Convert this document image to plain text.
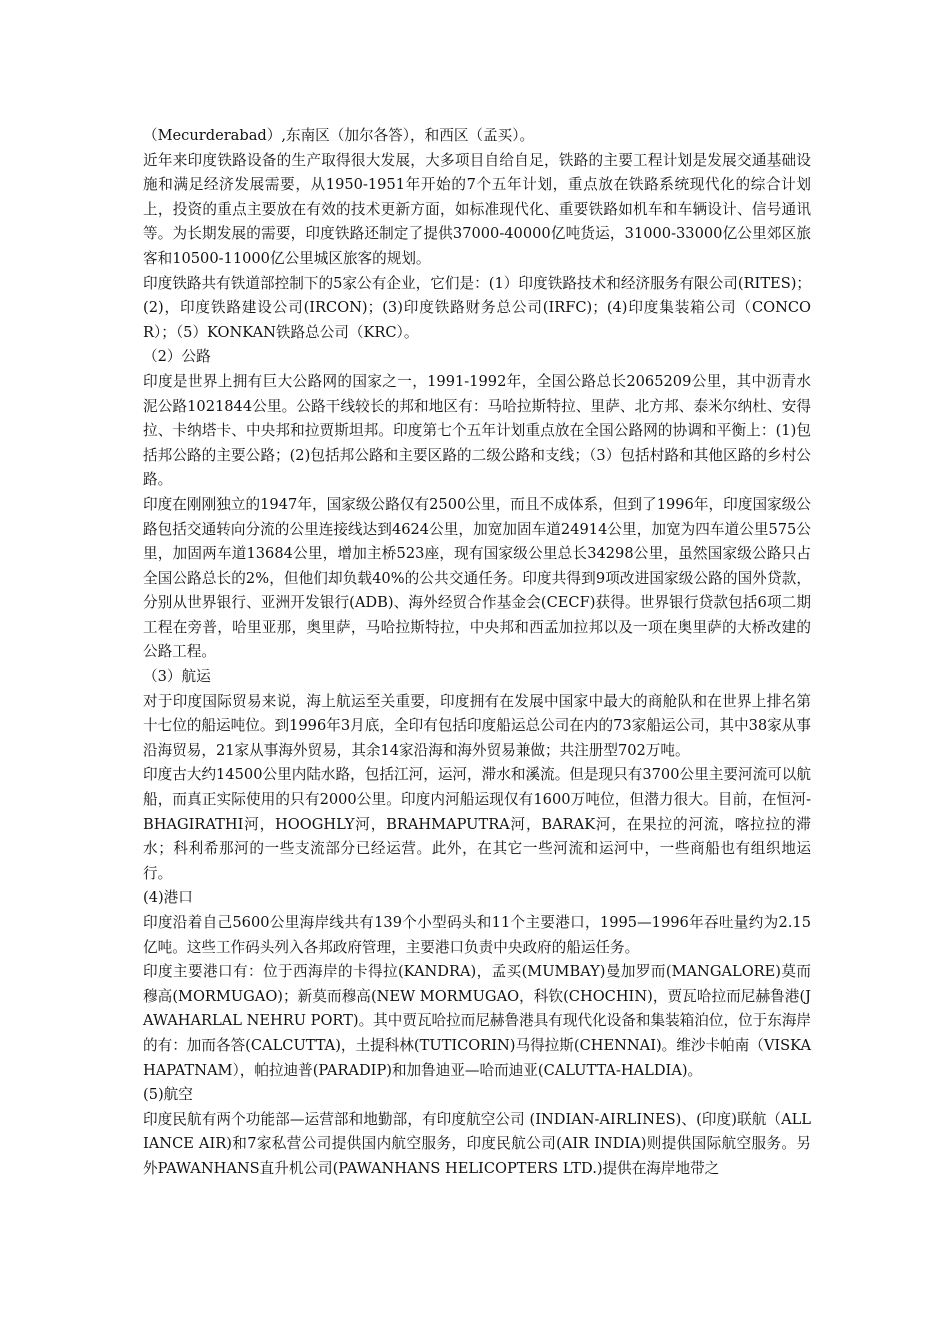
（Mecurderabad）,东南区（加尔各答），和西区（孟买）。

近年来印度铁路设备的生产取得很大发展，大多项目自给自足，铁路的主要工程计划是发展交通基础设施和满足经济发展需要，从1950-1951年开始的7个五年计划，重点放在铁路系统现代化的综合计划上，投资的重点主要放在有效的技术更新方面，如标准现代化、重要铁路如机车和车辆设计、信号通讯等。为长期发展的需要，印度铁路还制定了提供37000-40000亿吨货运，31000-33000亿公里郊区旅客和10500-11000亿公里城区旅客的规划。

印度铁路共有铁道部控制下的5家公有企业，它们是：(1）印度铁路技术和经济服务有限公司(RITES)；(2)，印度铁路建设公司(IRCON)；(3)印度铁路财务总公司(IRFC)；(4)印度集装箱公司（CONCOR）；（5）KONKAN铁路总公司（KRC）。

（2）公路

印度是世界上拥有巨大公路网的国家之一，1991-1992年，全国公路总长2065209公里，其中沥青水泥公路1021844公里。公路干线较长的邦和地区有：马哈拉斯特拉、里萨、北方邦、泰米尔纳杜、安得拉、卡纳塔卡、中央邦和拉贾斯坦邦。印度第七个五年计划重点放在全国公路网的协调和平衡上：(1)包括邦公路的主要公路；(2)包括邦公路和主要区路的二级公路和支线；（3）包括村路和其他区路的乡村公路。

印度在刚刚独立的1947年，国家级公路仅有2500公里，而且不成体系，但到了1996年，印度国家级公路包括交通转向分流的公里连接线达到4624公里，加宽加固车道24914公里，加宽为四车道公里575公里，加固两车道13684公里，增加主桥523座，现有国家级公里总长34298公里，虽然国家级公路只占全国公路总长的2%，但他们却负载40%的公共交通任务。印度共得到9项改进国家级公路的国外贷款，分别从世界银行、亚洲开发银行(ADB)、海外经贸合作基金会(CECF)获得。世界银行贷款包括6项二期工程在旁普，哈里亚那，奥里萨，马哈拉斯特拉，中央邦和西孟加拉邦以及一项在奥里萨的大桥改建的公路工程。

（3）航运

对于印度国际贸易来说，海上航运至关重要，印度拥有在发展中国家中最大的商舱队和在世界上排名第十七位的船运吨位。到1996年3月底，全印有包括印度船运总公司在内的73家船运公司，其中38家从事沿海贸易，21家从事海外贸易，其余14家沿海和海外贸易兼做；共注册型702万吨。

印度古大约14500公里内陆水路，包括江河，运河，滞水和溪流。但是现只有3700公里主要河流可以航船，而真正实际使用的只有2000公里。印度内河船运现仅有1600万吨位，但潜力很大。目前，在恒河-BHAGIRATHI河，HOOGHLY河，BRAHMAPUTRA河，BARAK河，在果拉的河流，喀拉拉的滞水；科利希那河的一些支流部分已经运营。此外，在其它一些河流和运河中，一些商船也有组织地运行。

(4)港口

印度沿着自己5600公里海岸线共有139个小型码头和11个主要港口，1995—1996年吞吐量约为2.15亿吨。这些工作码头列入各邦政府管理，主要港口负责中央政府的船运任务。

印度主要港口有：位于西海岸的卡得拉(KANDRA)，孟买(MUMBAY)曼加罗而(MANGALORE)莫而穆高(MORMUGAO)；新莫而穆高(NEW MORMUGAO，科钦(CHOCHIN)，贾瓦哈拉而尼赫鲁港(JAWAHARLAL NEHRU PORT)。其中贾瓦哈拉而尼赫鲁港具有现代化设备和集装箱泊位，位于东海岸的有：加而各答(CALCUTTA)，土提科林(TUTICORIN)马得拉斯(CHENNAI)。维沙卡帕南（VISKAHAPATNAM），帕拉迪普(PARADIP)和加鲁迪亚—哈而迪亚(CALUTTA-HALDIA)。

(5)航空

印度民航有两个功能部—运营部和地勤部，有印度航空公司 (INDIAN-AIRLINES)、(印度)联航（ALLIANCE AIR)和7家私营公司提供国内航空服务，印度民航公司(AIR INDIA)则提供国际航空服务。另外PAWANHANS直升机公司(PAWANHANS HELICOPTERS LTD.)提供在海岸地带之
